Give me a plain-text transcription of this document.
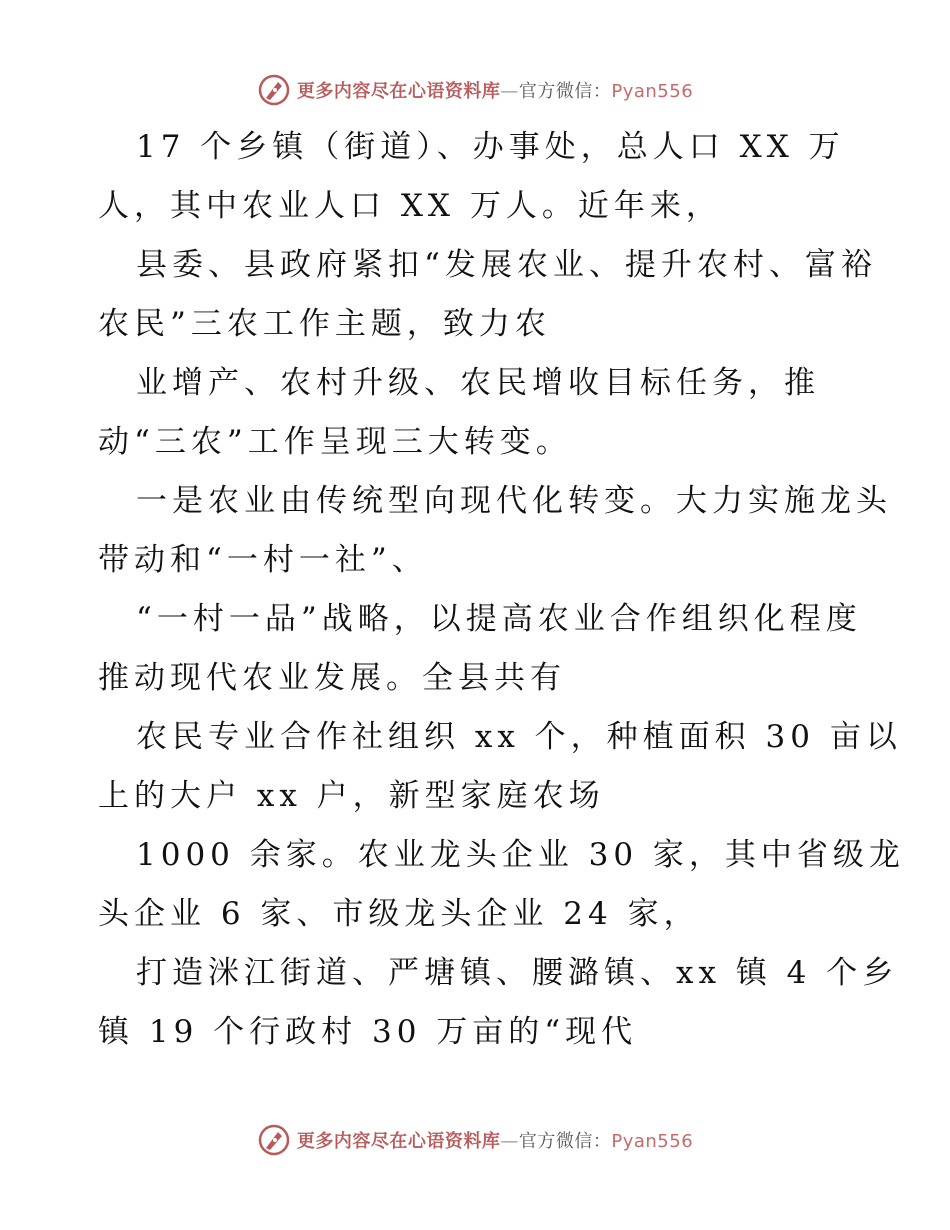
更多内容尽在心语资料库—官方微信：Pyan556
17 个乡镇（街道）、办事处，总人口 XX 万
人，其中农业人口 XX 万人。近年来，
县委、县政府紧扣“发展农业、提升农村、富裕
农民”三农工作主题，致力农
业增产、农村升级、农民增收目标任务，推
动“三农”工作呈现三大转变。
一是农业由传统型向现代化转变。大力实施龙头
带动和“一村一社”、
“一村一品”战略，以提高农业合作组织化程度
推动现代农业发展。全县共有
农民专业合作社组织 xx 个，种植面积 30 亩以
上的大户 xx 户，新型家庭农场
1000 余家。农业龙头企业 30 家，其中省级龙
头企业 6 家、市级龙头企业 24 家，
打造洣江街道、严塘镇、腰潞镇、xx 镇 4 个乡
镇 19 个行政村 30 万亩的“现代
更多内容尽在心语资料库—官方微信：Pyan556
